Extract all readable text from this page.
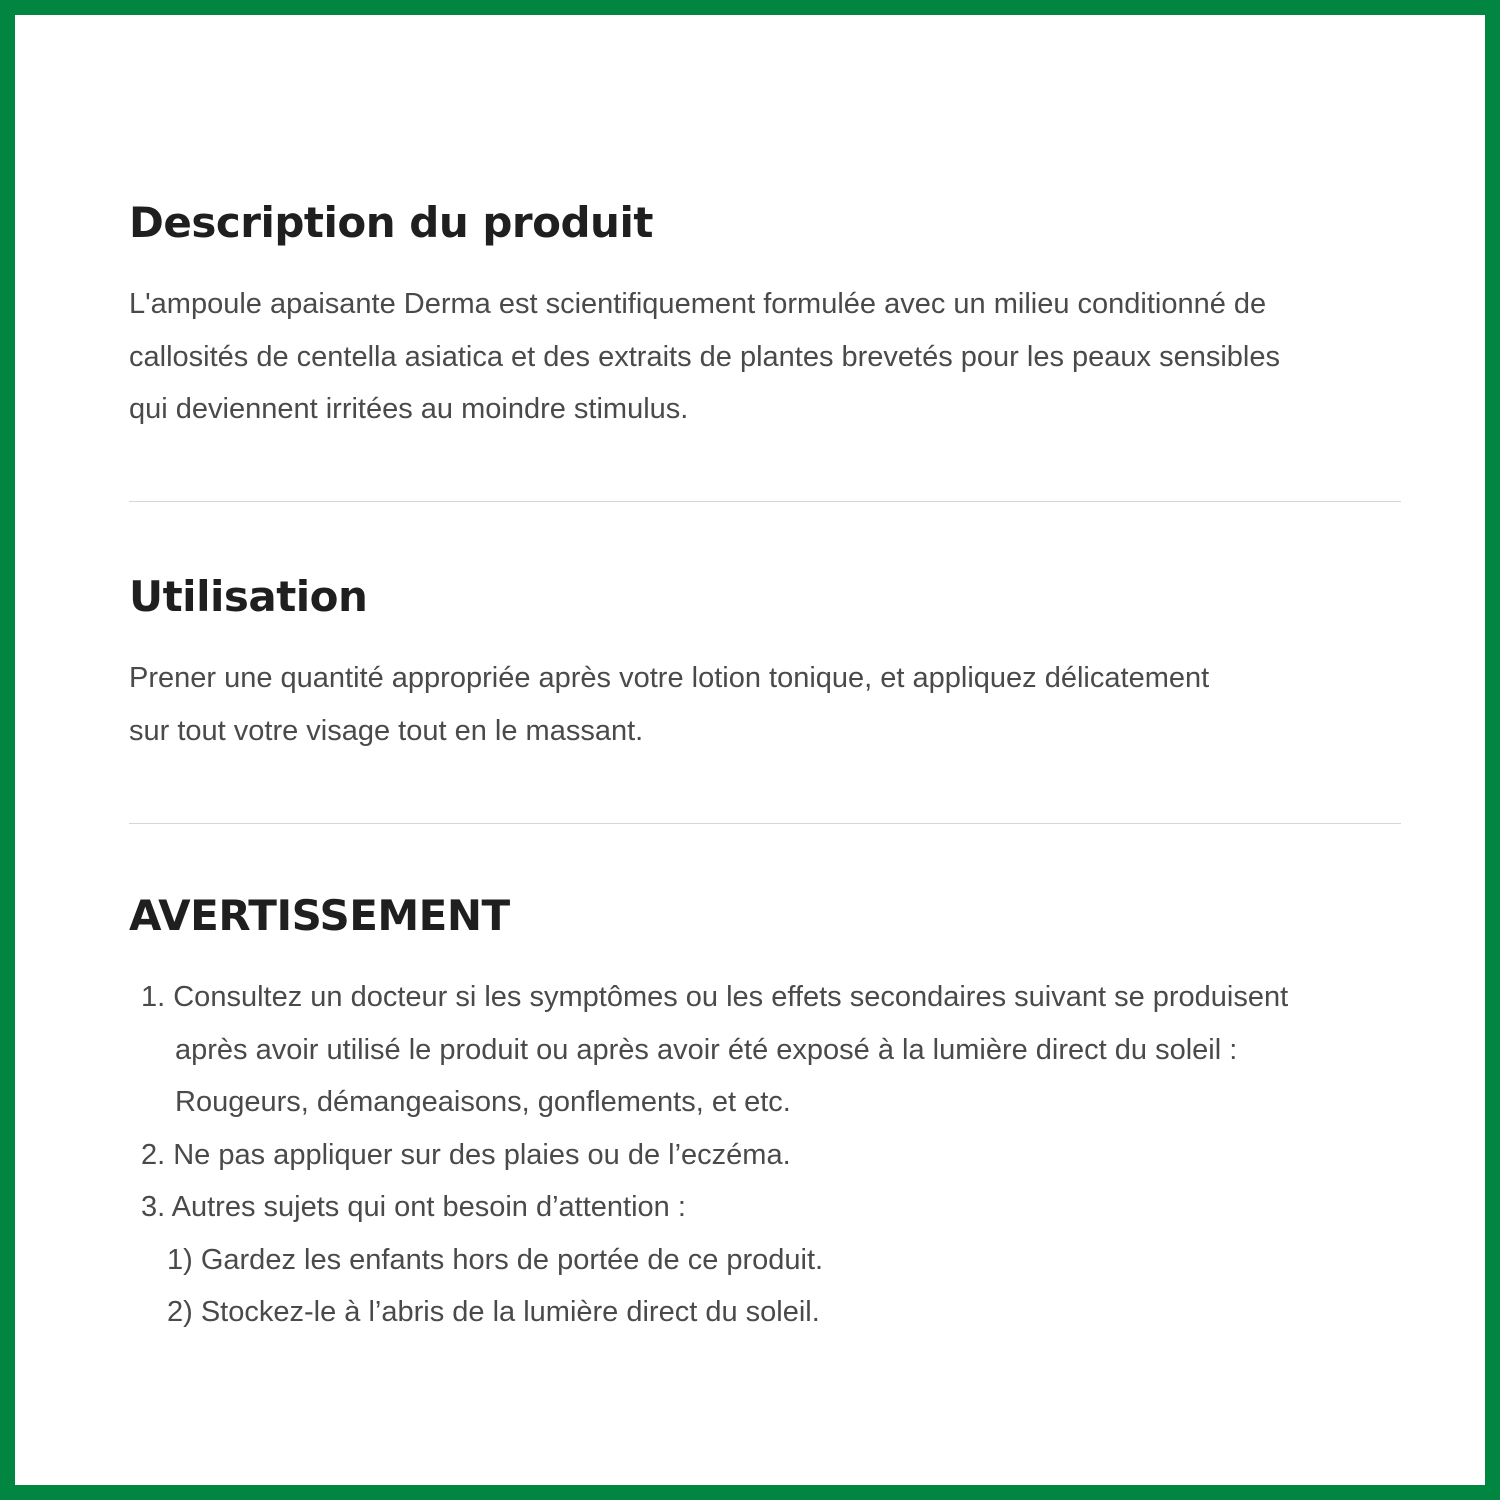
Description du produit

L'ampoule apaisante Derma est scientifiquement formulée avec un milieu conditionné de
callosités de centella asiatica et des extraits de plantes brevetés pour les peaux sensibles
qui deviennent irritées au moindre stimulus.

Utilisation

Prener une quantité appropriée après votre lotion tonique, et appliquez délicatement
sur tout votre visage tout en le massant.

AVERTISSEMENT
1. Consultez un docteur si les symptômes ou les effets secondaires suivant se produisent
après avoir utilisé le produit ou après avoir été exposé à la lumière direct du soleil :
Rougeurs, démangeaisons, gonflements, et etc.
2. Ne pas appliquer sur des plaies ou de l’eczéma.
3. Autres sujets qui ont besoin d’attention :
1) Gardez les enfants hors de portée de ce produit.
2) Stockez-le à l’abris de la lumière direct du soleil.
